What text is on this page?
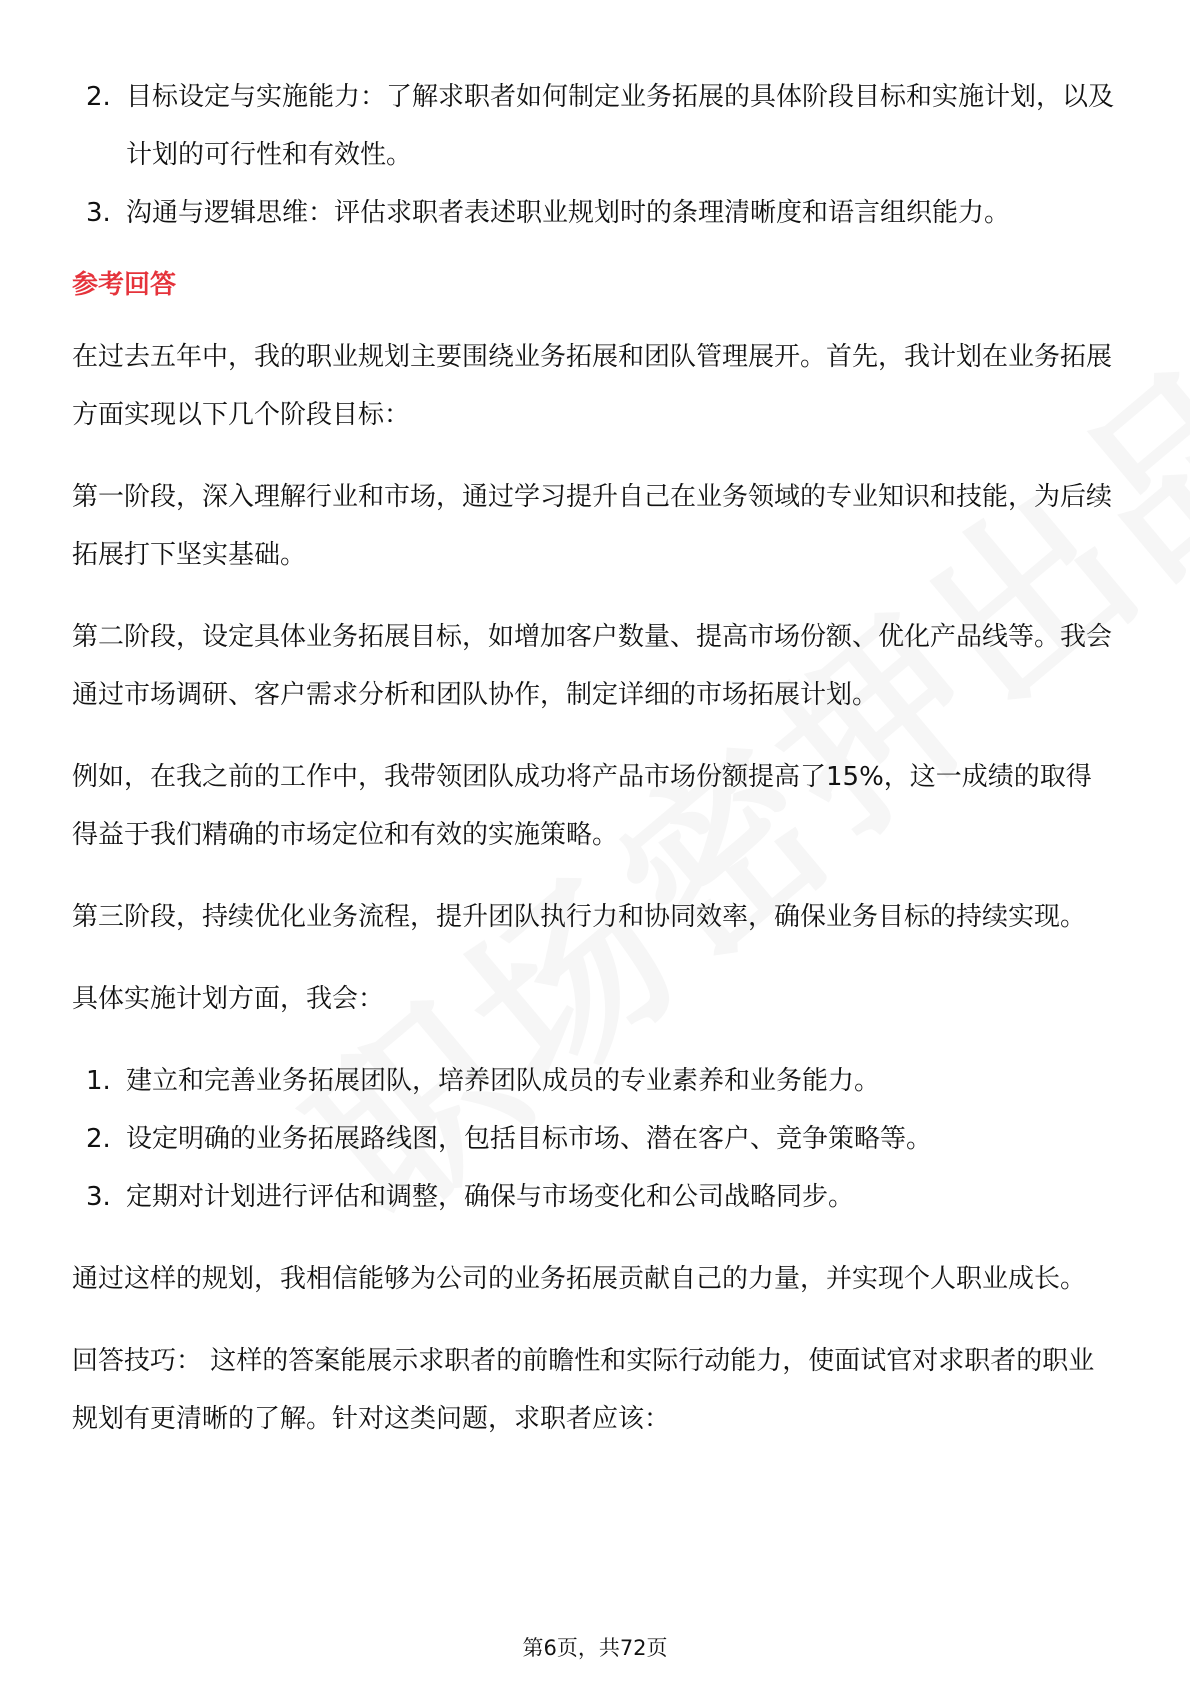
2. 目标设定与实施能力：了解求职者如何制定业务拓展的具体阶段目标和实施计划，以及计划的可行性和有效性。
3. 沟通与逻辑思维：评估求职者表述职业规划时的条理清晰度和语言组织能力。
参考回答

在过去五年中，我的职业规划主要围绕业务拓展和团队管理展开。首先，我计划在业务拓展方面实现以下几个阶段目标：

第一阶段，深入理解行业和市场，通过学习提升自己在业务领域的专业知识和技能，为后续拓展打下坚实基础。

第二阶段，设定具体业务拓展目标，如增加客户数量、提高市场份额、优化产品线等。我会通过市场调研、客户需求分析和团队协作，制定详细的市场拓展计划。

例如，在我之前的工作中，我带领团队成功将产品市场份额提高了15%，这一成绩的取得得益于我们精确的市场定位和有效的实施策略。

第三阶段，持续优化业务流程，提升团队执行力和协同效率，确保业务目标的持续实现。

具体实施计划方面，我会：

1. 建立和完善业务拓展团队，培养团队成员的专业素养和业务能力。
2. 设定明确的业务拓展路线图，包括目标市场、潜在客户、竞争策略等。
3. 定期对计划进行评估和调整，确保与市场变化和公司战略同步。

通过这样的规划，我相信能够为公司的业务拓展贡献自己的力量，并实现个人职业成长。

回答技巧： 这样的答案能展示求职者的前瞻性和实际行动能力，使面试官对求职者的职业规划有更清晰的了解。针对这类问题，求职者应该：

第6页，共72页
